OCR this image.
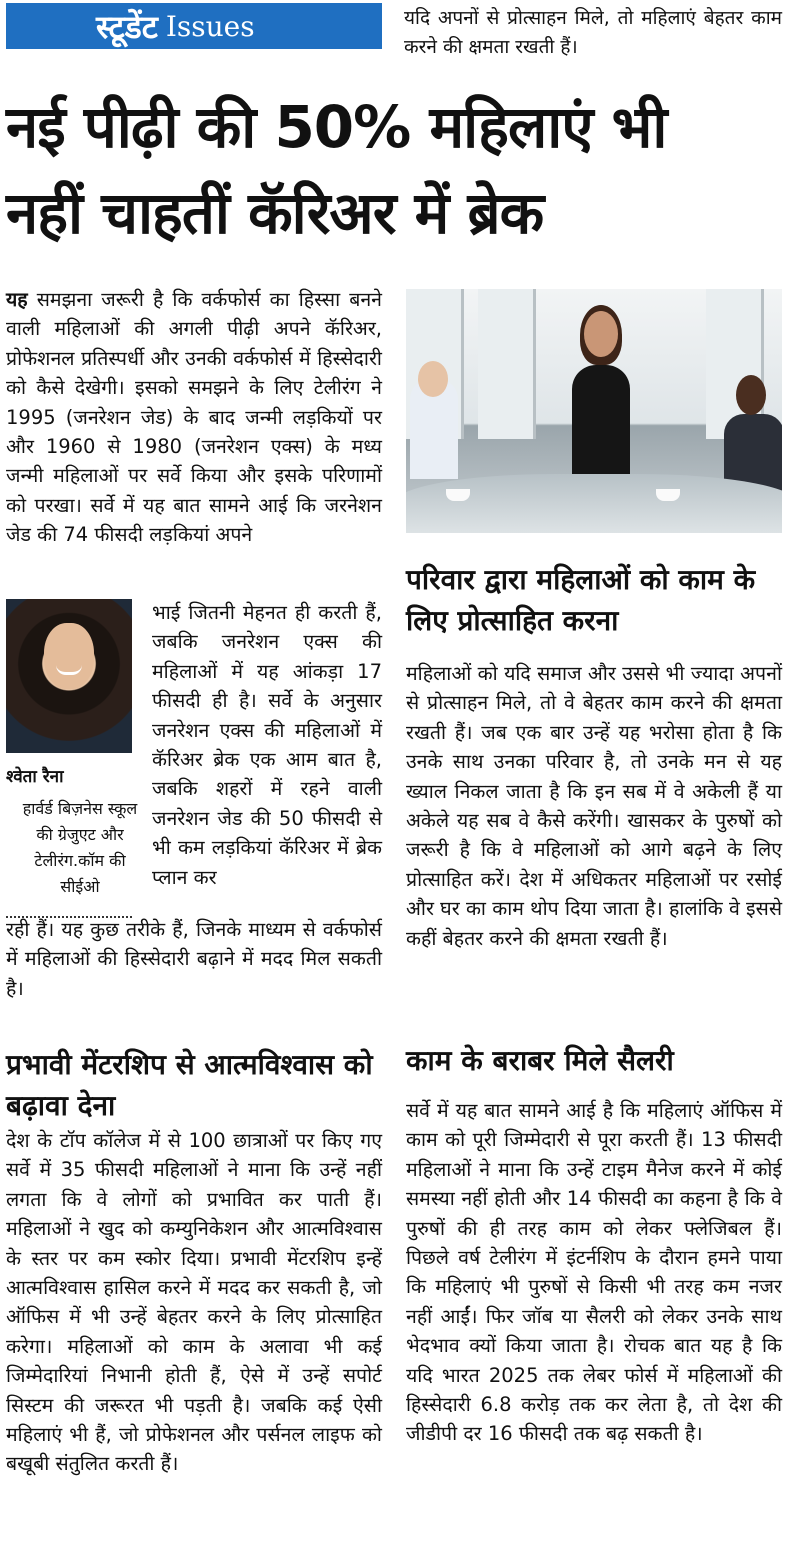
स्टूडेंट Issues	यदि अपनों से प्रोत्साहन मिले, तो महिलाएं बेहतर काम करने की क्षमता रखती हैं।
नई पीढ़ी की 50% महिलाएं भी
नहीं चाहतीं कॅरिअर में ब्रेक

यह समझना जरूरी है कि वर्कफोर्स का हिस्सा बनने वाली महिलाओं की अगली पीढ़ी अपने कॅरिअर, प्रोफेशनल प्रतिस्पर्धी और उनकी वर्कफोर्स में हिस्सेदारी को कैसे देखेगी। इसको समझने के लिए टेलीरंग ने 1995 (जनरेशन जेड) के बाद जन्मी लड़कियों पर और 1960 से 1980 (जनरेशन एक्स) के मध्य जन्मी महिलाओं पर सर्वे किया और इसके परिणामों को परखा। सर्वे में यह बात सामने आई कि जरनेशन जेड की 74 फीसदी लड़कियां अपने

श्वेता रैना
हार्वर्ड बिज़नेस स्कूल की ग्रेजुएट और टेलीरंग.कॉम की सीईओ
भाई जितनी मेहनत ही करती हैं, जबकि जनरेशन एक्स की महिलाओं में यह आंकड़ा 17 फीसदी ही है। सर्वे के अनुसार जनरेशन एक्स की महिलाओं में कॅरिअर ब्रेक एक आम बात है, जबकि शहरों में रहने वाली जनरेशन जेड की 50 फीसदी से भी कम लड़कियां कॅरिअर में ब्रेक प्लान कर
रही हैं। यह कुछ तरीके हैं, जिनके माध्यम से वर्कफोर्स में महिलाओं की हिस्सेदारी बढ़ाने में मदद मिल सकती है।
प्रभावी मेंटरशिप से आत्मविश्वास को बढ़ावा देना
देश के टॉप कॉलेज में से 100 छात्राओं पर किए गए सर्वे में 35 फीसदी महिलाओं ने माना कि उन्हें नहीं लगता कि वे लोगों को प्रभावित कर पाती हैं। महिलाओं ने खुद को कम्युनिकेशन और आत्मविश्वास के स्तर पर कम स्कोर दिया। प्रभावी मेंटरशिप इन्हें आत्मविश्वास हासिल करने में मदद कर सकती है, जो ऑफिस में भी उन्हें बेहतर करने के लिए प्रोत्साहित करेगा। महिलाओं को काम के अलावा भी कई जिम्मेदारियां निभानी होती हैं, ऐसे में उन्हें सपोर्ट सिस्टम की जरूरत भी पड़ती है। जबकि कई ऐसी महिलाएं भी हैं, जो प्रोफेशनल और पर्सनल लाइफ को बखूबी संतुलित करती हैं।
परिवार द्वारा महिलाओं को काम के लिए प्रोत्साहित करना
महिलाओं को यदि समाज और उससे भी ज्यादा अपनों से प्रोत्साहन मिले, तो वे बेहतर काम करने की क्षमता रखती हैं। जब एक बार उन्हें यह भरोसा होता है कि उनके साथ उनका परिवार है, तो उनके मन से यह ख्याल निकल जाता है कि इन सब में वे अकेली हैं या अकेले यह सब वे कैसे करेंगी। खासकर के पुरुषों को जरूरी है कि वे महिलाओं को आगे बढ़ने के लिए प्रोत्साहित करें। देश में अधिकतर महिलाओं पर रसोई और घर का काम थोप दिया जाता है। हालांकि वे इससे कहीं बेहतर करने की क्षमता रखती हैं।
काम के बराबर मिले सैलरी
सर्वे में यह बात सामने आई है कि महिलाएं ऑफिस में काम को पूरी जिम्मेदारी से पूरा करती हैं। 13 फीसदी महिलाओं ने माना कि उन्हें टाइम मैनेज करने में कोई समस्या नहीं होती और 14 फीसदी का कहना है कि वे पुरुषों की ही तरह काम को लेकर फ्लेजिबल हैं। पिछले वर्ष टेलीरंग में इंटर्नशिप के दौरान हमने पाया कि महिलाएं भी पुरुषों से किसी भी तरह कम नजर नहीं आईं। फिर जॉब या सैलरी को लेकर उनके साथ भेदभाव क्यों किया जाता है। रोचक बात यह है कि यदि भारत 2025 तक लेबर फोर्स में महिलाओं की हिस्सेदारी 6.8 करोड़ तक कर लेता है, तो देश की जीडीपी दर 16 फीसदी तक बढ़ सकती है।
